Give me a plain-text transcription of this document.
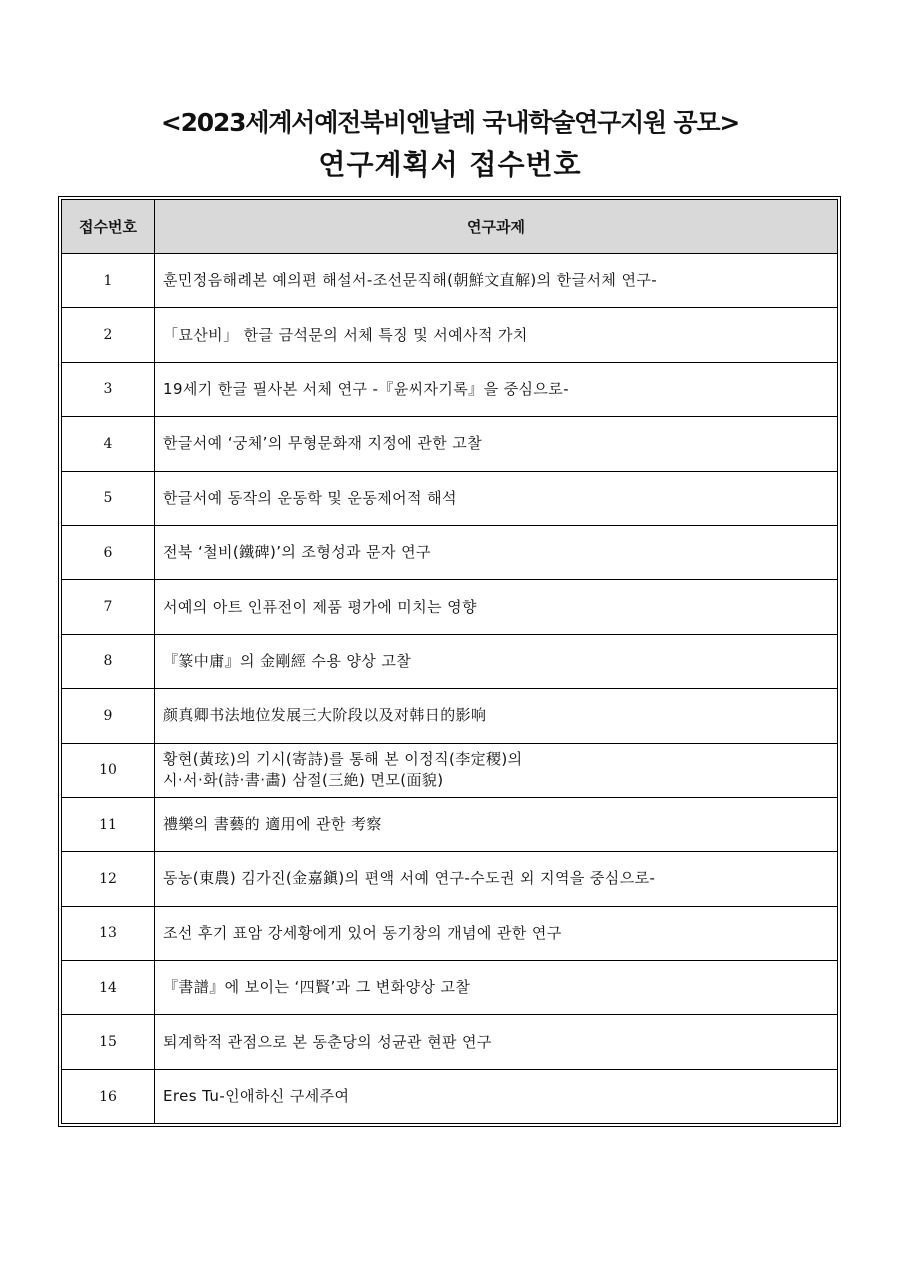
<2023세계서예전북비엔날레 국내학술연구지원 공모>
연구계획서 접수번호
접수번호	연구과제
1	훈민정음해례본 예의편 해설서-조선문직해(朝鮮文直解)의 한글서체 연구-
2	「묘산비」 한글 금석문의 서체 특징 및 서예사적 가치
3	19세기 한글 필사본 서체 연구 -『윤씨자기록』을 중심으로-
4	한글서예 ‘궁체’의 무형문화재 지정에 관한 고찰
5	한글서예 동작의 운동학 및 운동제어적 해석
6	전북 ‘철비(鐵碑)’의 조형성과 문자 연구
7	서예의 아트 인퓨전이 제품 평가에 미치는 영향
8	『篆中庸』의 金剛經 수용 양상 고찰
9	颜真卿书法地位发展三大阶段以及对韩日的影响
10	황현(黃玹)의 기시(寄詩)를 통해 본 이정직(李定稷)의
시·서·화(詩·書·畵) 삼절(三絶) 면모(面貌)
11	禮樂의 書藝的 適用에 관한 考察
12	동농(東農) 김가진(金嘉鎭)의 편액 서예 연구-수도권 외 지역을 중심으로-
13	조선 후기 표암 강세황에게 있어 동기창의 개념에 관한 연구
14	『書譜』에 보이는 ‘四賢’과 그 변화양상 고찰
15	퇴계학적 관점으로 본 동춘당의 성균관 현판 연구
16	Eres Tu-인애하신 구세주여
